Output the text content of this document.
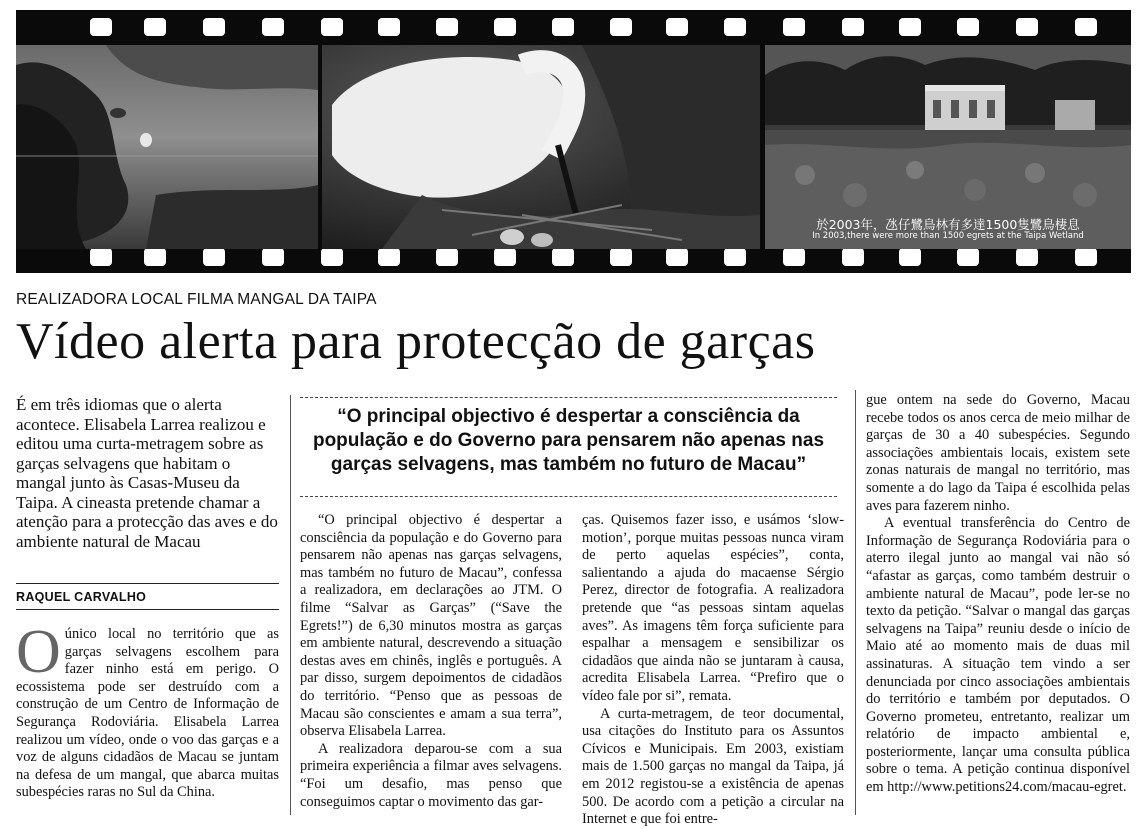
於2003年，氹仔鷺鳥林有多達1500隻鷺鳥棲息
In 2003,there were more than 1500 egrets at the Taipa Wetland
REALIZADORA LOCAL FILMA MANGAL DA TAIPA
Vídeo alerta para protecção de garças
É em três idiomas que o alerta acontece. Elisabela Larrea realizou e editou uma curta-metragem sobre as garças selvagens que habitam o mangal junto às Casas-Museu da Taipa. A cineasta pretende chamar a atenção para a protecção das aves e do ambiente natural de Macau
RAQUEL CARVALHO

Oúnico local no território que as garças selvagens escolhem para fazer ninho está em perigo. O ecossistema pode ser destruído com a construção de um Centro de Informação de Segurança Rodoviária. Elisabela Larrea realizou um vídeo, onde o voo das garças e a voz de alguns cidadãos de Macau se juntam na defesa de um mangal, que abarca muitas subespécies raras no Sul da China.

“O principal objectivo é despertar a consciência da população e do Governo para pensarem não apenas nas garças selvagens, mas também no futuro de Macau”

“O principal objectivo é despertar a consciência da população e do Governo para pensarem não apenas nas garças selvagens, mas também no futuro de Macau”, confessa a realizadora, em declarações ao JTM. O filme “Salvar as Garças” (“Save the Egrets!”) de 6,30 minutos mostra as garças em ambiente natural, descrevendo a situação destas aves em chinês, inglês e português. A par disso, surgem depoimentos de cidadãos do território. “Penso que as pessoas de Macau são conscientes e amam a sua terra”, observa Elisabela Larrea.

A realizadora deparou-se com a sua primeira experiência a filmar aves selvagens. “Foi um desafio, mas penso que conseguimos captar o movimento das gar-

ças. Quisemos fazer isso, e usámos ‘slow-motion’, porque muitas pessoas nunca viram de perto aquelas espécies”, conta, salientando a ajuda do macaense Sérgio Perez, director de fotografia. A realizadora pretende que “as pessoas sintam aquelas aves”. As imagens têm força suficiente para espalhar a mensagem e sensibilizar os cidadãos que ainda não se juntaram à causa, acredita Elisabela Larrea. “Prefiro que o vídeo fale por si”, remata.

A curta-metragem, de teor documental, usa citações do Instituto para os Assuntos Cívicos e Municipais. Em 2003, existiam mais de 1.500 garças no mangal da Taipa, já em 2012 registou-se a existência de apenas 500. De acordo com a petição a circular na Internet e que foi entre-

gue ontem na sede do Governo, Macau recebe todos os anos cerca de meio milhar de garças de 30 a 40 subespécies. Segundo associações ambientais locais, existem sete zonas naturais de mangal no território, mas somente a do lago da Taipa é escolhida pelas aves para fazerem ninho.

A eventual transferência do Centro de Informação de Segurança Rodoviária para o aterro ilegal junto ao mangal vai não só “afastar as garças, como também destruir o ambiente natural de Macau”, pode ler-se no texto da petição. “Salvar o mangal das garças selvagens na Taipa” reuniu desde o início de Maio até ao momento mais de duas mil assinaturas. A situação tem vindo a ser denunciada por cinco associações ambientais do território e também por deputados. O Governo prometeu, entretanto, realizar um relatório de impacto ambiental e, posteriormente, lançar uma consulta pública sobre o tema. A petição continua disponível em http://www.petitions24.com/macau-egret.
